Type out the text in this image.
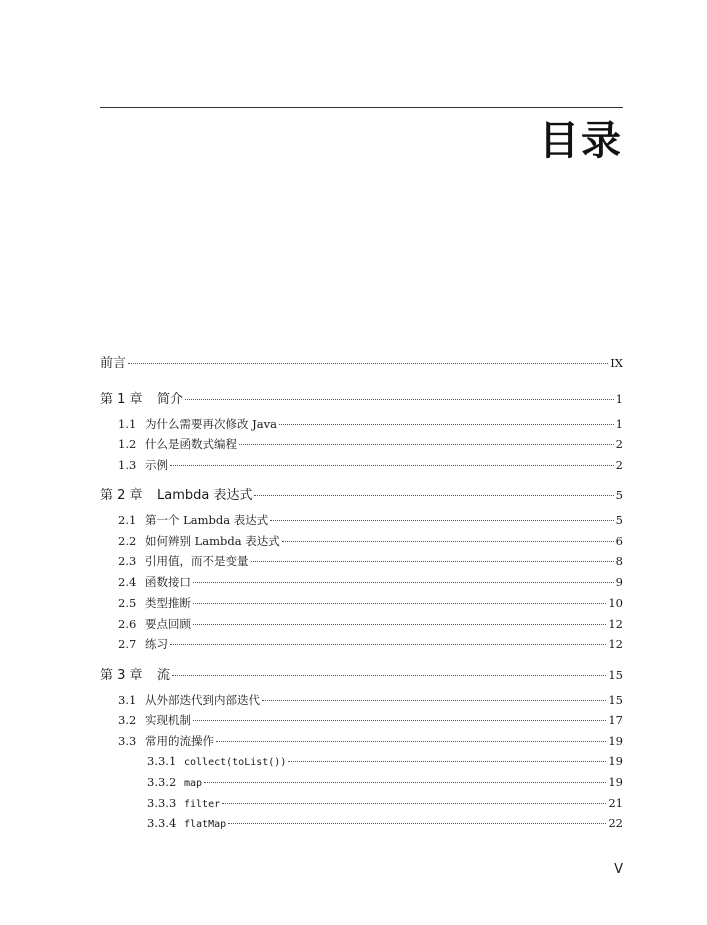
目录
前言	IX
第 1 章	简介	1
1.1 为什么需要再次修改 Java	1
1.2 什么是函数式编程	2
1.3 示例	2
第 2 章	Lambda 表达式	5
2.1 第一个 Lambda 表达式	5
2.2 如何辨别 Lambda 表达式	6
2.3 引用值，而不是变量	8
2.4 函数接口	9
2.5 类型推断	10
2.6 要点回顾	12
2.7 练习	12
第 3 章	流	15
3.1 从外部迭代到内部迭代	15
3.2 实现机制	17
3.3 常用的流操作	19
3.3.1 collect(toList())	19
3.3.2 map	19
3.3.3 filter	21
3.3.4 flatMap	22
V
